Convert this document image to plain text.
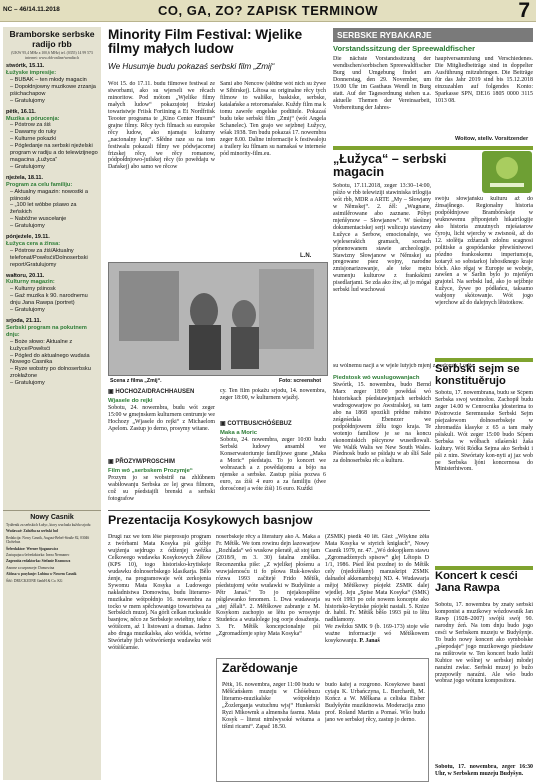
NC – 46/14.11.2018	CO, GA, ZO? ZAPISK TERMINOW	7
Bramborske serbske radijo rbb
(UKW 95,4 MHz a 100,6 MHz) tel. (0355) 14 99 573 internet: www.rbb-online/wendisch
stwórtk, 15.11.
Łužyske impresije:
– BUBAK – ten młody magacin
– Dopołdnjowny muzikowe zrzanja pśichachapow
– Gratulujomy
pětk, 16.11.
Muzika a pórucenja:
– Póstrow za śiś
– Dawamy do ruky
– Kulturne pokazki
– Pógledanje na serbski njeźelski program w radiju a do telewizijnego magacina „Łužyca“
– Gratulujomy
njeźela, 18.11.
Program za celu familiju:
– Aktualny magazin: nowostki a pśinoski
– „100 let wóbbe pśawo za žeńskich
– Nabóžne wuscełanje
– Gratulujomy
pónjeźele, 19.11.
Łužyca cera a źinsa:
– Póstrow za źiś/Aktualny telefonat/Powěsći/Dolnoserbski report/Gratulujomy
wałtoru, 20.11.
Kulturny magazin:
– Kulturny pśinosk
– Gaź muzika k 90. narodnemu dnju Jana Rawpa (portret)
– Gratulujomy
srjoda, 21.11.
Serbski program na pokutnem dnju:
– Boże słowo: Aktualne z Łužyce/Powěsći
– Pógled do aktualnego wudaśa Nowego Casnika
– Ryze wobstry po dolnoserbsku zrokłažone
– Gratulujomy
Nowy Casnik

Tydźenik za serbskich Łužyc, ktory wuchada kuždu srjodu

Wudawaŕ: Załožba za serbski lud

Redakcija: Nowy Casnik, August-Bebel-Straße 82, 03046 Chóśebuz

Šefredaktor: Werner Sjoganowicz

Zastupujuca šefredaktorka: Ineza Nermanec

Zagronita redaktorka: Stefanie Kramowa

Anonse a rozpraweje: Domowina

Ablosa w posyłanje: Lubina w Nowem Casnik

Śišć: DRUCKZONE GmbH & Co. KG

Minority Film Festival: Wjelike filmy małych ludow
We Husumje budu pokazaś serbski film „Zmij“
Wót 15. do 17.11. budu filmowe festiwal ze stworbami, ako su wjerseli we rěcach minoritow. Pod mótom „Wjelike filmy małych ludow“ pokazujotej frizskej towaristwje Friisk Foriining a Et Nordfriisk Teooter programa te „Kino Center Husum“ grajne filmy. Rěcy tych filmach su europske rěcy ludow, ako njamaju kulturny „nacionalny kraj“. Słědne raze su na tom festiwalu pokazali filmy we pódwjacornej frizskej rěcy, we rěcy romanow, pódpołdnjowo-jutlskej rěcy (to powědaju w Dańskej) abo samo we rěcow
Sami abo Nencow (słědne wót nich su žywe w Sibirskej). Lětosa su originalne rěcy tych filmow to wališke, baskiske, serbske, katalańske a retoromańske. Kuždy film ma k tomu zawrěe engelske podtitele. Pokazaś budu teke serbski film „Zmij“ (wót Angela Schanelec). Ten grajo we sejzbnej Łužycy, wšak 1938. Ten budu pokazaś 17. nowembra zeger 8.00. Daline informacije k festiwaloju a trailery ku filmam su namakaś w interneśe pód minority-film.eu.
L.N.
Scena z filma „Zmij“.	Foto: screenshot
▣ HOCHOZA/DRACHHAUSEN
Wjasele do rejki
Sobotu, 24. nowembra, budu wót zeger 15:00 w gmejnskem kulturnem centrumje we Hochozy „Wjasele do rejki“ z Michaelom Apelom. Zastup jo derno, prosymy witane.
▣ PŘOZYM/PROSCHIM
Film wó „serbskem Prozymje“
Prozym jo se wobstrił na zhlúbnem wabiłowanju Serbska ze lej grwa filmom, což su pśedstajili brenski a serbski fotografow
cy. Ten film pokažu srjodu, 14. nowembra, zeger 18:00, w kulturnem wjaźbj.
▣ COTTBUS/CHÓŚEBUZ
Maka a Moric
Sobotu, 24. nowembra, zeger 10:00 budu Serbski ludowy ansambl we Konserwatoriumje familijowe grane „Maka a Moric“ pśedstaju. To jo koncert we wobrazach a z powědajomu a bójo na njenske a serbske. Zastup pśiśa pozwa 6 euro, za źiśi 4 euro a za familiju (dwe dorosćonej a wóte źiśi) 16 euro. Kuźtki
SERBSKE RYBAKARJE
Vorstandssitzung der Spreewaldfischer
Die nächste Vorstandssitzung der wendischen/sorbischen Spreewaldfischer Burg und Umgebung findet am Donnerstag, den 29. November, um 19.00 Uhr im Gasthaus Wendl in Burg statt. Auf der Tagesordnung stehen u.a. aktuelle Themen der Vereinsarbeit, Vorbereitung der Jahres-
hauptversammlung und Verschiedenes. Die Mitgliedbeiträge sind in doppelter Ausführung mitzubringen. Die Beiträge für das Jahr 2019 sind bis 15.12.2018 einzuzahlen auf folgendes Konto: Sparkasse SPN, DE16 1805 0000 3115 1013 08.
Woitow, stellv. Vorsitzender
„Łužyca“ – serbski magacin
Sobotu, 17.11.2018, zeger 13:30–14:00, pśiźo w rbb telewiziji stawiniska trilogija wót rbb, MDR a ARTE „My – Słowjany w Němskej“. 2. źěl: „Wugnane, asimilěrowane abo zaznane. Póbyt mjeńšynow – Słowjanow“. W tśeśinej dokumentaciskej serji wulicuju stawizny Łužyce a Serbow, emocionalnje, we wjeleserakich gramach, scenach pónenowanem stawie archeologije. Stawizny Słowjanow w Němskej su pregowane pśez wojny, narodne zmisjonarizowanje, ale teke mężu wumenju kulturow z frankskimi pisedlarjami. Se zda ako źiw, až jo mógał serbski lud wuchowaś
swóju słowjańsku kulturu až do źinsajšnego. Regionalny historia podpółdnjowe Brambórskeje w wuknowemu připonjeteb hikatrilogije ako historia znuutnych mjeśatarow čyroju, licht wjerchy w zwisnośi, až do 12. stolětja zdźarzali zdolnu scagnosi politiske a gospódarske přewiśniwowi pózdno frankoskemu imperiumoju, kotaryž so sobstarkoj lubostknego kraje bóch. Ako rěgaj w Europje se wobeje, zawšen a w Sarlin bylo jo mjeńšyn grajotel. Na serbski lud, ako jo sejźbnje Łužyce, žywe po pódłańcu, taksamo wabjony skótowanje. Wót jogo wjerchow až do dalejnych lětstotkow.
su wólnemu nacji a w wjele lutyjcb mjenj z podomik Łodže.
Piedstosk wó wuslugowanjach
Stwórtk, 15. nowembra, budo Bernd Marx zeger 18:00 powědaś wó historiskach pśedstawjenjach serbskich wudrogowarjow po Awstralskej, su tam abo na 1868 spozikli prědne městno ześgeśedala Ebenezer we podpółdnjowem źělu togo kraja. Te wotenjo familiow je se na koncu ekonomiskich pśicynow wusedlowali. We Walik Walis we New South Wales. Pśednosk budo se pśidaju w ab śliš Sale za dolnoserbsku rěc a kulturu.
Serbski sejm se konstituěrujo
Sobotu, 17. nowembrana, budu se Sćpem Serbska swoj wotmołou. Zachopił budu zeger 14.00 w Cenrocnika jdosterima to Póstrowzie Seremuuske Serbski Sejm pśejzałowom dolnoserbskeje w zhromadźa klasyke z 65 a tam mały pśiskuli. Wót zeger 15:00 budo Sćpem Serbska w wólbach stlaśerski žaša kultury. Wót Ródka Sejma ako Serbski i pśi z nim. Stwórtaty kon-nyti aj jaz wob pe Serbska ljóni koncernosa do Ministerhiwom.
Koncert k cesći Jana Rawpa
Sobotu, 17. nowembra by znaty serbski komponist a muzikowy wózdowsnik Jan Rawp (1928–2007) swójśi swój 90. narodny źeń. Na tom dnju budo jogo cesći w Serbskem muzeju w Budyšynje. To budo nowy koncert ako symbolske „pśepodaje“ jogo muzikowego pśedstaw na mištrowie w. Ten koncert budo ludźi Kubice we wólnej w serbskej młodej naraźni zwłac. Serbski muzej jo bužo przepowiły naraźni. Ale wšo budo wobraz jogo wótunu kompositora.
Sobotu, 17. nowembra, zeger 16:30 Uhr, w Serbskem muzeju Budyšyn.
Prezentacija Kosykowych basnjow
Drugi raz we tom lěśe pśeprosujo program z twórbami Mata Kosyka pśi góźbje wujźenja sejdrugo z ódźenjej zwěźka Celkowego wudawka Kosykowych Źěłow (KPS 10), togo historisko-krytiskeje wudawku dolnoserbskego klasikarja. Bělo źenje, na programowaje wót zerkojenia Sywomu Mata Kosyka a Ludowego nakładnistwa Domowina, budu literarno-muzikalne wótpołdnjo 16. nowembra za tocko w mem spěchowanigo towaristwa za Serbskich muzej. Na górli celkan rucksukle basnjow, něco ze Serbskeje swiełiny, teke z wótśicem, aź 1 listowani a dramas. Jadno abo druga muzikalska, ako wótkla, wórtne Stwórtaby jich wótwórśenju wudawku wót wótśišćamśe.
noserbskeje rěcy a literatury ako A. Maka a Fr. Mětšk. We tom rowinu dejn lazowarjow „Rozhlada“ wó wuskow pšeratě, až stoj tam (2018/9, m 3. 30) fatalna změška. Recenzentka piše: „Z wjelikej płośenu a wuwjalenosću ti fo pšowa Ruk-kowsko rózwa 1993 začitejé Frido Mětšk, pśedstujomj wóte wudawki w Budyšinie a Pětr Janaś.“ To jo njejakospěšne pśiglewanko fenomen. 1. Dwa wudawarja „stej źělali“. 2. Mětškowe zabranje z M. Kosykom zachopjo se lětu po wrosynje Studeńca a wutalolege jog oorje dosaženja. 3. Fr. Mětšk koncepcionalnje pśi „Zgromadźenje spisy Mata Kosyka“
(ZSMK) pśedk 40 lět. Gleż „Wšykne źěła Mata Kosyka w styrich knigłach“, Nowy Casnik 1979, nr. 47. „Wó dokopjkem stawu „Zgromadźenych spisow“ glej Lětopis D 1/1, 1986. Pśed lěsi pozdnej to do Mětšk cely (njedoźěłany) manuskript ZSMK dalnadoł akkenamboju) ND. 4. Wudawarja mějoj Mětškowy pśojekt ZSMK dalej wjedlej. Jeju „Spise Mata Kosyka“ (SMK) su wót 1993 po cele nowem koncepte ako historisko-krytiske pśojekt nastali. 5. Knize dr. habil. Fr. Mětšk běšo 1993 pśi to lětu nadhlamony.
We zwězku SMK 9 (b. 169-173) stoje wše ważne informacije wó Mětškowem kosykowanju. P. Janaš
Zarědowanje
Pětk, 16. nowembra, zeger 11:00 budu w Měšćańskem muzeju w Chóśebuzu literarno-muzikalske wótpołdnjo „Žozlerganja wutuchnu wjsj“ Hunkerski Ryzi Mikowmk a almensha fasmu. Mata Kosyk – literat nimlwysoké wótama a tišmi ricami“. Zapač 18.50.
budo kafej a rozgrono. Kosykowe basni cytaju K. Urbańczyna, L. Burchardt, M. Kończ a W. Mělkana a celiska Eisber Budyšyńte muzikinowia. Moderacija zmo prof. Roland Martin a Pomaś. Wšo budu jano we serbskej rěcy, zastup jo derno.
